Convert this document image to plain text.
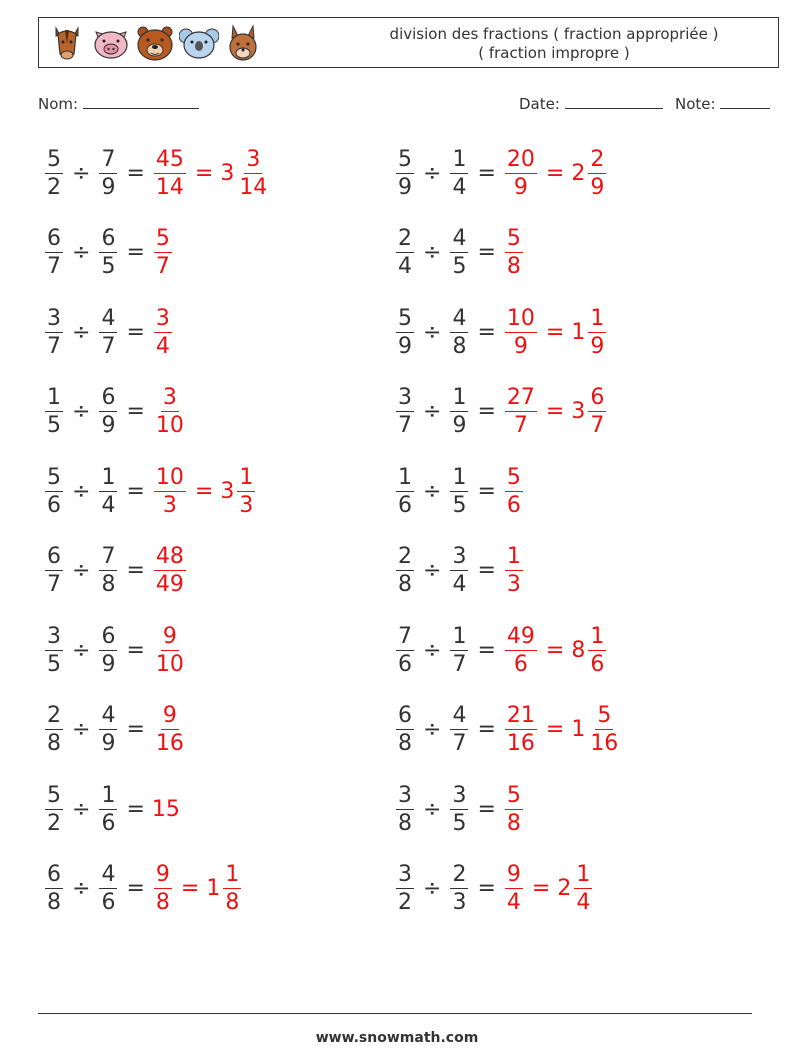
division des fractions ( fraction appropriée )
( fraction impropre )
Nom:	Date:	Note:
$\frac{5}{2} \div \frac{7}{9} = \frac{45}{14} = 3 \frac{3}{14}$	$\frac{5}{9} \div \frac{1}{4} = \frac{20}{9} = 2 \frac{2}{9}$
$\frac{6}{7} \div \frac{6}{5} = \frac{5}{7}$	$\frac{2}{4} \div \frac{4}{5} = \frac{5}{8}$
$\frac{3}{7} \div \frac{4}{7} = \frac{3}{4}$	$\frac{5}{9} \div \frac{4}{8} = \frac{10}{9} = 1 \frac{1}{9}$
$\frac{1}{5} \div \frac{6}{9} = \frac{3}{10}$	$\frac{3}{7} \div \frac{1}{9} = \frac{27}{7} = 3 \frac{6}{7}$
$\frac{5}{6} \div \frac{1}{4} = \frac{10}{3} = 3 \frac{1}{3}$	$\frac{1}{6} \div \frac{1}{5} = \frac{5}{6}$
$\frac{6}{7} \div \frac{7}{8} = \frac{48}{49}$	$\frac{2}{8} \div \frac{3}{4} = \frac{1}{3}$
$\frac{3}{5} \div \frac{6}{9} = \frac{9}{10}$	$\frac{7}{6} \div \frac{1}{7} = \frac{49}{6} = 8 \frac{1}{6}$
$\frac{2}{8} \div \frac{4}{9} = \frac{9}{16}$	$\frac{6}{8} \div \frac{4}{7} = \frac{21}{16} = 1 \frac{5}{16}$
$\frac{5}{2} \div \frac{1}{6} = 15$	$\frac{3}{8} \div \frac{3}{5} = \frac{5}{8}$
$\frac{6}{8} \div \frac{4}{6} = \frac{9}{8} = 1 \frac{1}{8}$	$\frac{3}{2} \div \frac{2}{3} = \frac{9}{4} = 2 \frac{1}{4}$
www.snowmath.com
